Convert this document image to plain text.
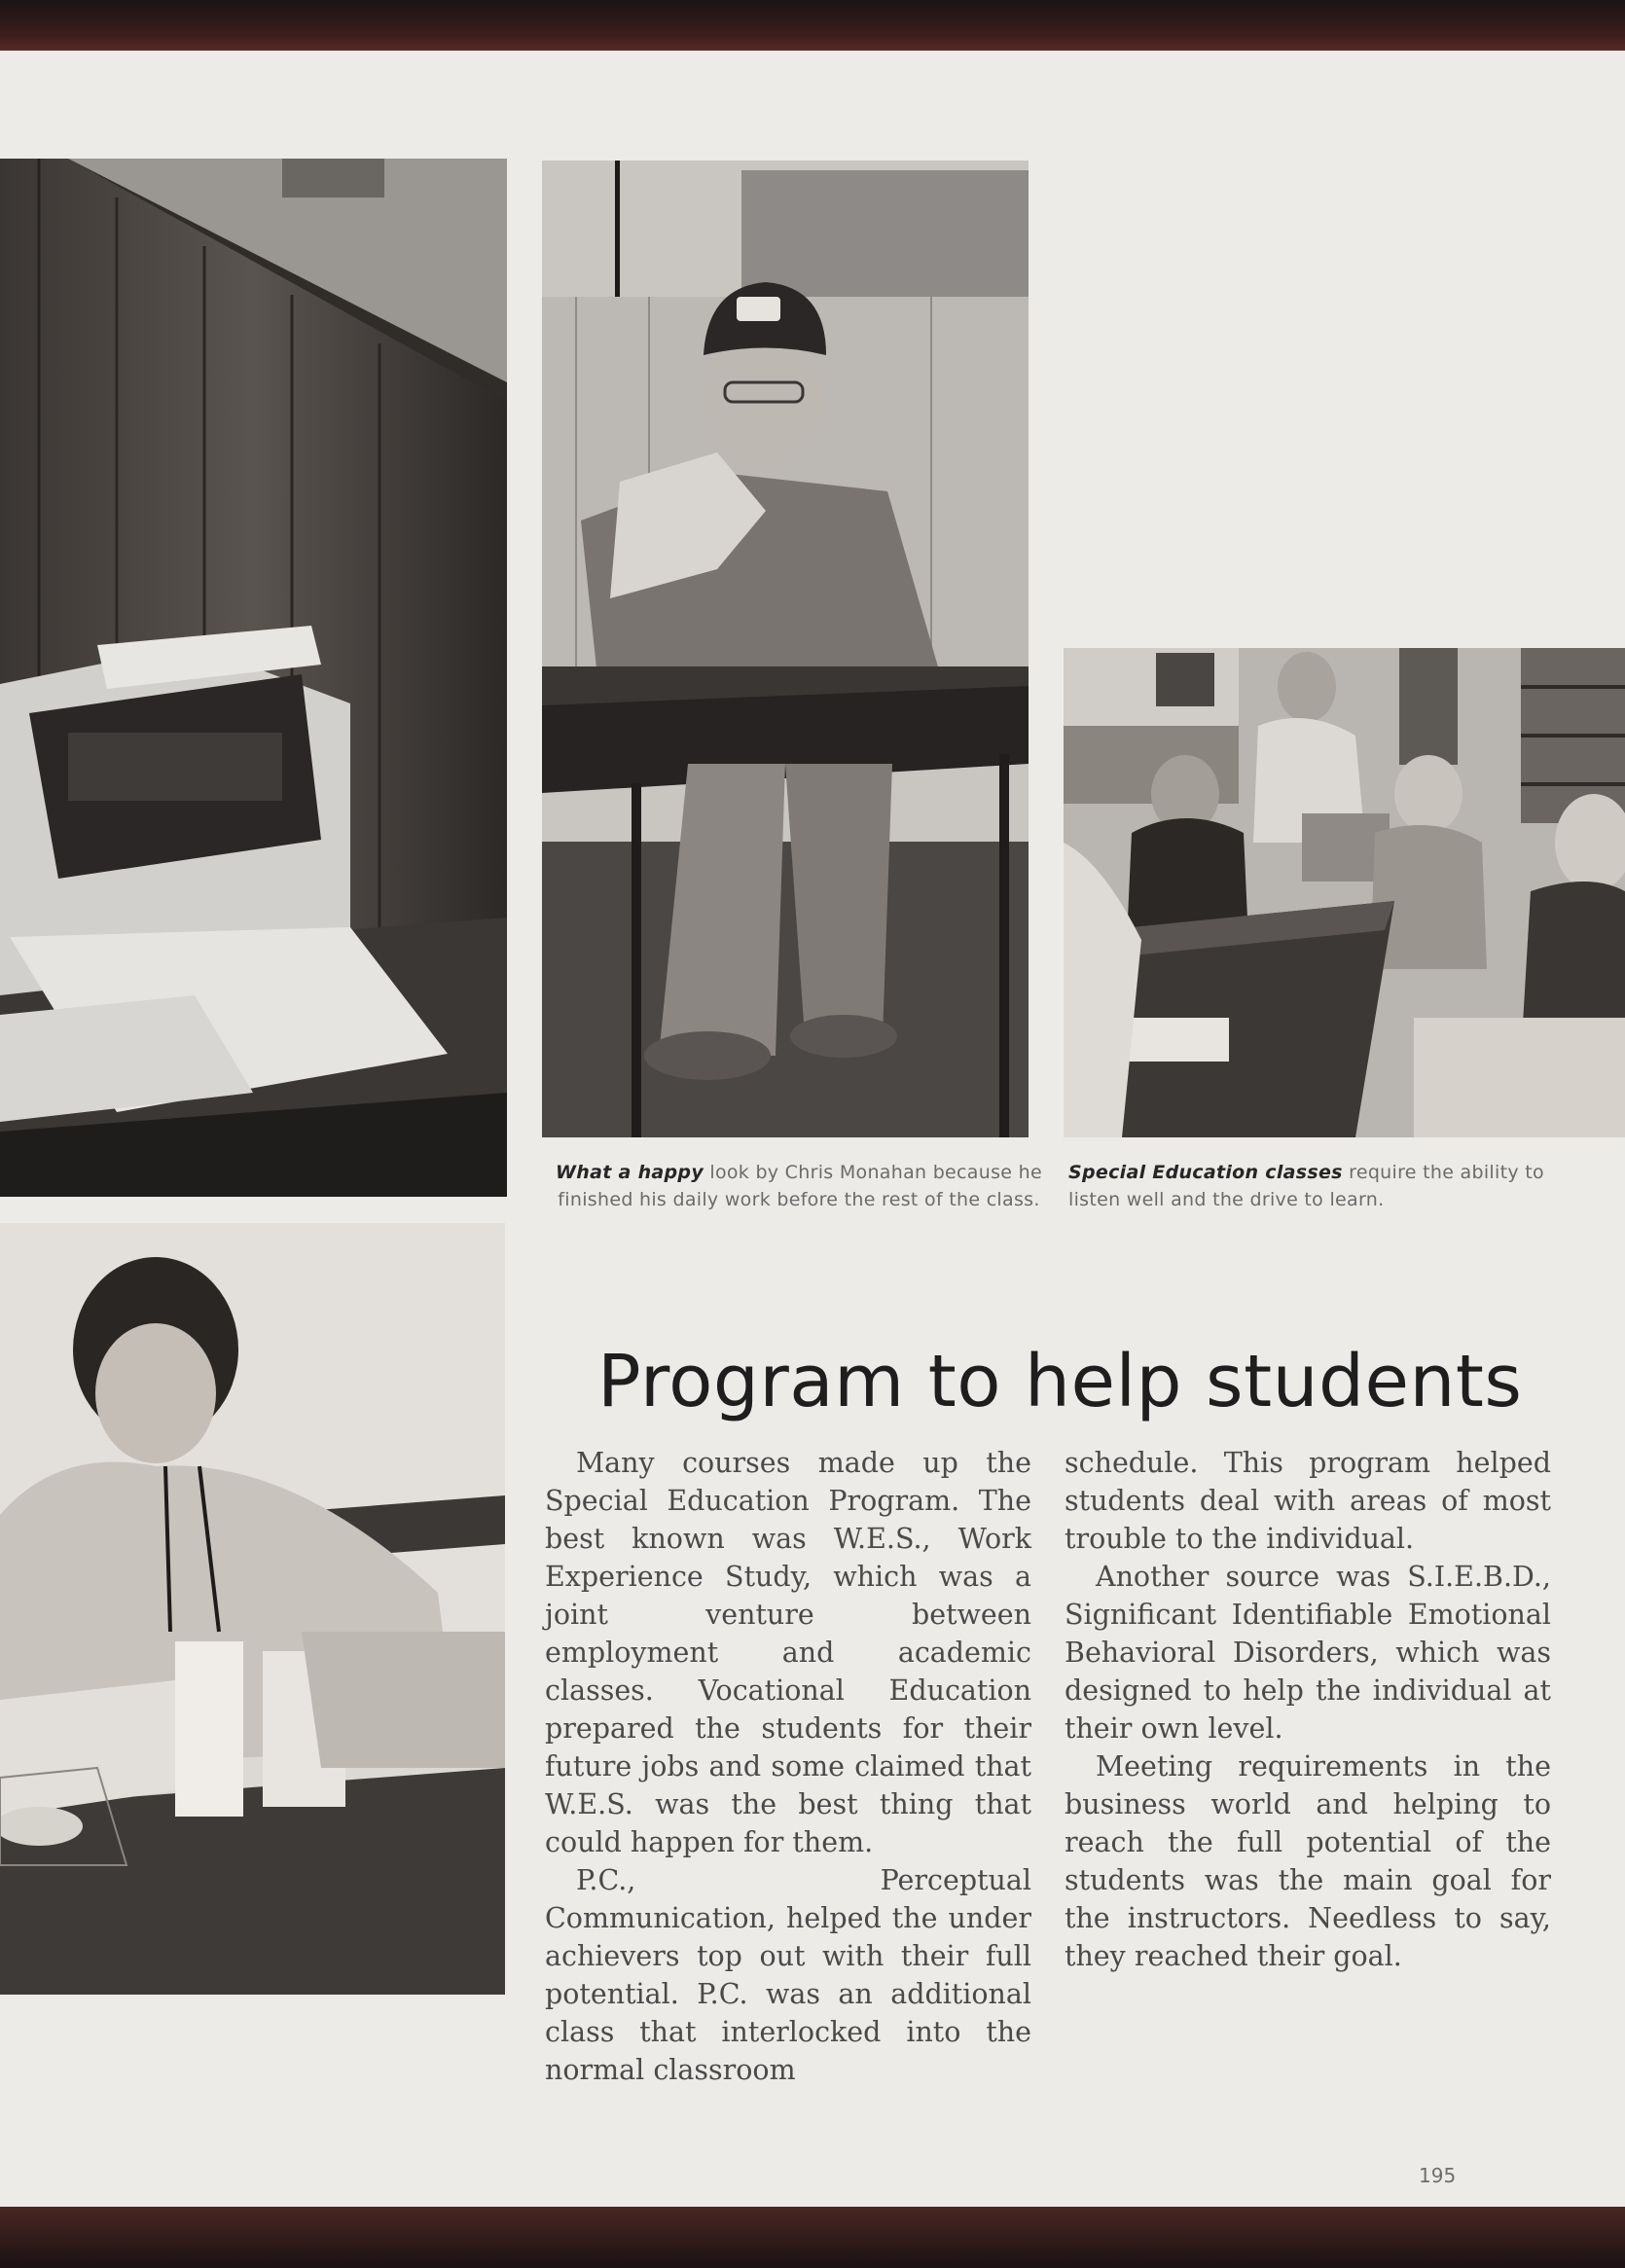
What a happy look by Chris Monahan because he finished his daily work before the rest of the class.
Special Education classes require the ability to listen well and the drive to learn.
Program to help students

Many courses made up the Special Education Program. The best known was W.E.S., Work Experience Study, which was a joint venture between employment and academic classes. Vocational Education prepared the students for their future jobs and some claimed that W.E.S. was the best thing that could happen for them.

P.C., Perceptual Communication, helped the under achievers top out with their full potential. P.C. was an additional class that interlocked into the normal classroom

schedule. This program helped students deal with areas of most trouble to the individual.

Another source was S.I.E.B.D., Significant Identifiable Emotional Behavioral Disorders, which was designed to help the individual at their own level.

Meeting requirements in the business world and helping to reach the full potential of the students was the main goal for the instructors. Needless to say, they reached their goal.

195
